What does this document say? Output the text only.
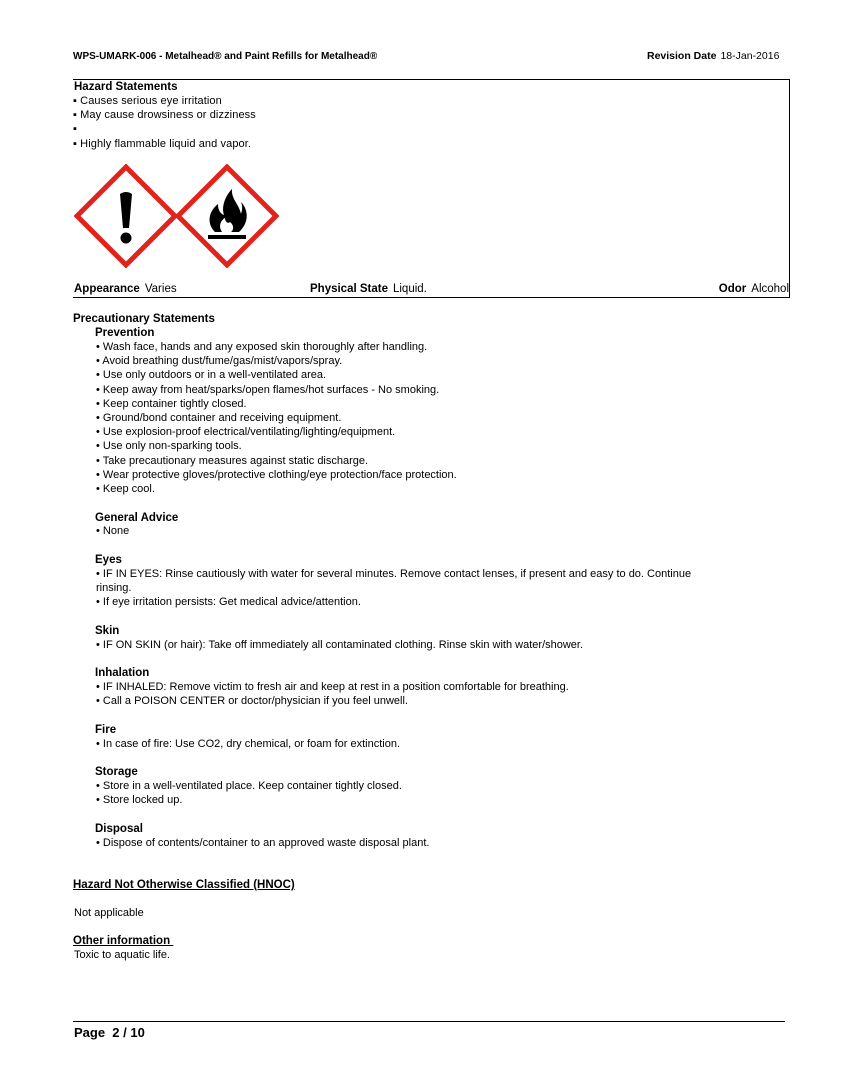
WPS-UMARK-006 - Metalhead® and Paint Refills for Metalhead®	Revision Date 18-Jan-2016
Hazard Statements
▪ Causes serious eye irritation
▪ May cause drowsiness or dizziness
▪
▪ Highly flammable liquid and vapor.
Appearance Varies	Physical State Liquid.	Odor Alcohol
Precautionary Statements
Prevention
• Wash face, hands and any exposed skin thoroughly after handling.
• Avoid breathing dust/fume/gas/mist/vapors/spray.
• Use only outdoors or in a well-ventilated area.
• Keep away from heat/sparks/open flames/hot surfaces - No smoking.
• Keep container tightly closed.
• Ground/bond container and receiving equipment.
• Use explosion-proof electrical/ventilating/lighting/equipment.
• Use only non-sparking tools.
• Take precautionary measures against static discharge.
• Wear protective gloves/protective clothing/eye protection/face protection.
• Keep cool.
General Advice
• None
Eyes
• IF IN EYES: Rinse cautiously with water for several minutes. Remove contact lenses, if present and easy to do. Continue
rinsing.
• If eye irritation persists: Get medical advice/attention.
Skin
• IF ON SKIN (or hair): Take off immediately all contaminated clothing. Rinse skin with water/shower.
Inhalation
• IF INHALED: Remove victim to fresh air and keep at rest in a position comfortable for breathing.
• Call a POISON CENTER or doctor/physician if you feel unwell.
Fire
• In case of fire: Use CO2, dry chemical, or foam for extinction.
Storage
• Store in a well-ventilated place. Keep container tightly closed.
• Store locked up.
Disposal
• Dispose of contents/container to an approved waste disposal plant.
Hazard Not Otherwise Classified (HNOC)
Not applicable
Other information
Toxic to aquatic life.
Page  2 / 10
